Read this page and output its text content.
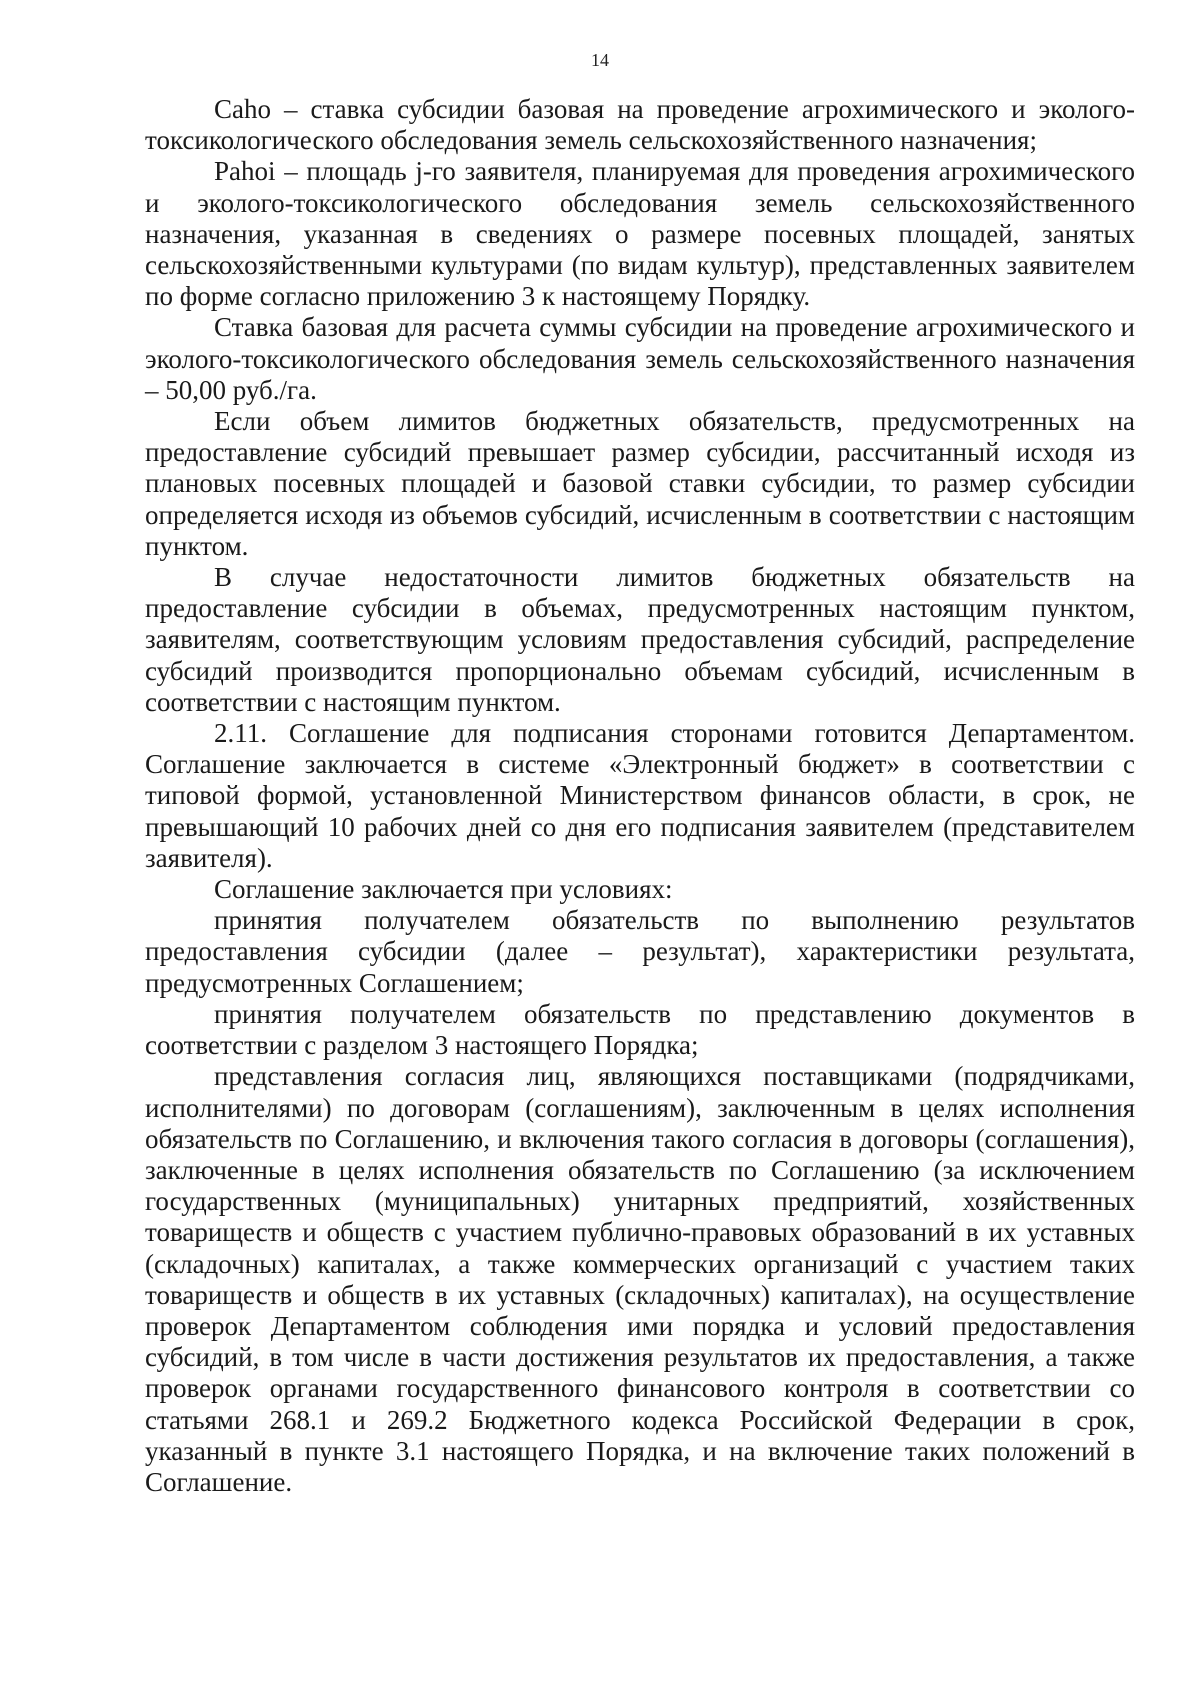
14

Caho – ставка субсидии базовая на проведение агрохимического и эколого-токсикологического обследования земель сельскохозяйственного назначения;

Pahoi – площадь j-го заявителя, планируемая для проведения агрохимического и эколого-токсикологического обследования земель сельскохозяйственного назначения, указанная в сведениях о размере посевных площадей, занятых сельскохозяйственными культурами (по видам культур), представленных заявителем по форме согласно приложению 3 к настоящему Порядку.

Ставка базовая для расчета суммы субсидии на проведение агрохимического и эколого-токсикологического обследования земель сельскохозяйственного назначения – 50,00 руб./га.

Если объем лимитов бюджетных обязательств, предусмотренных на предоставление субсидий превышает размер субсидии, рассчитанный исходя из плановых посевных площадей и базовой ставки субсидии, то размер субсидии определяется исходя из объемов субсидий, исчисленным в соответствии с настоящим пунктом.

В случае недостаточности лимитов бюджетных обязательств на предоставление субсидии в объемах, предусмотренных настоящим пунктом, заявителям, соответствующим условиям предоставления субсидий, распределение субсидий производится пропорционально объемам субсидий, исчисленным в соответствии с настоящим пунктом.

2.11. Соглашение для подписания сторонами готовится Департаментом. Соглашение заключается в системе «Электронный бюджет» в соответствии с типовой формой, установленной Министерством финансов области, в срок, не превышающий 10 рабочих дней со дня его подписания заявителем (представителем заявителя).

Соглашение заключается при условиях:

принятия получателем обязательств по выполнению результатов предоставления субсидии (далее – результат), характеристики результата, предусмотренных Соглашением;

принятия получателем обязательств по представлению документов в соответствии с разделом 3 настоящего Порядка;

представления согласия лиц, являющихся поставщиками (подрядчиками, исполнителями) по договорам (соглашениям), заключенным в целях исполнения обязательств по Соглашению, и включения такого согласия в договоры (соглашения), заключенные в целях исполнения обязательств по Соглашению (за исключением государственных (муниципальных) унитарных предприятий, хозяйственных товариществ и обществ с участием публично-правовых образований в их уставных (складочных) капиталах, а также коммерческих организаций с участием таких товариществ и обществ в их уставных (складочных) капиталах), на осуществление проверок Департаментом соблюдения ими порядка и условий предоставления субсидий, в том числе в части достижения результатов их предоставления, а также проверок органами государственного финансового контроля в соответствии со статьями 268.1 и 269.2 Бюджетного кодекса Российской Федерации в срок, указанный в пункте 3.1 настоящего Порядка, и на включение таких положений в Соглашение.
